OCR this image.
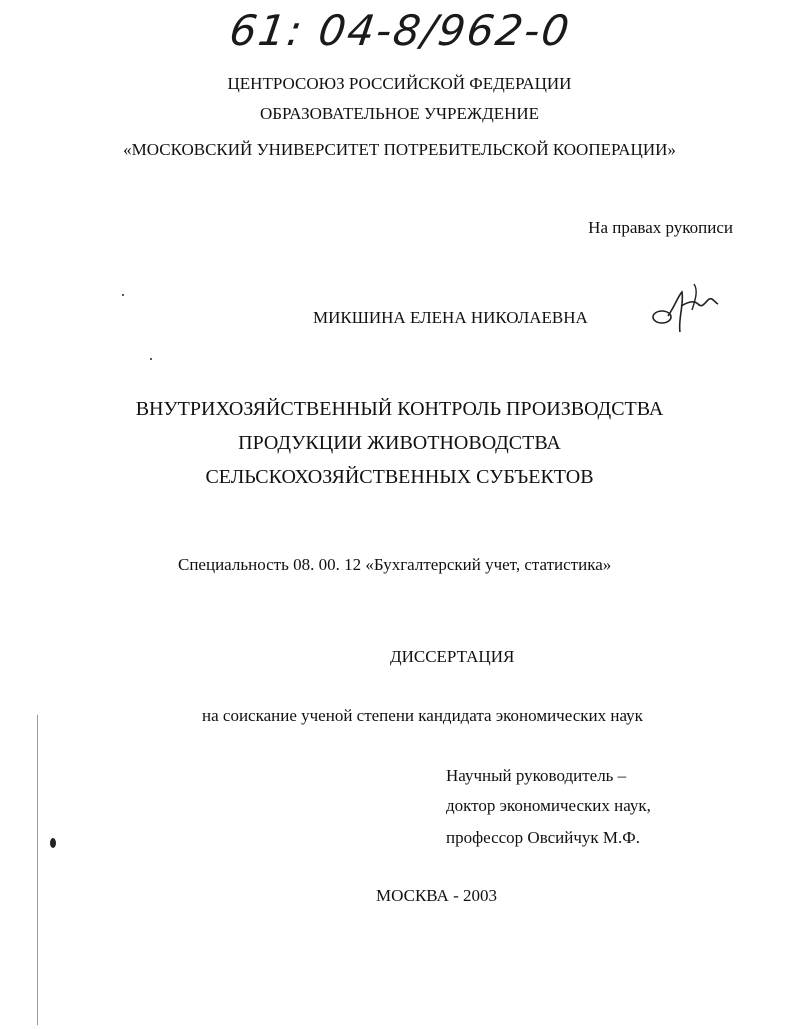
61: 04-8/962-0
ЦЕНТРОСОЮЗ РОССИЙСКОЙ ФЕДЕРАЦИИ
ОБРАЗОВАТЕЛЬНОЕ УЧРЕЖДЕНИЕ
«МОСКОВСКИЙ УНИВЕРСИТЕТ ПОТРЕБИТЕЛЬСКОЙ КООПЕРАЦИИ»
На правах рукописи
МИКШИНА ЕЛЕНА НИКОЛАЕВНА
ВНУТРИХОЗЯЙСТВЕННЫЙ КОНТРОЛЬ ПРОИЗВОДСТВА
ПРОДУКЦИИ ЖИВОТНОВОДСТВА
СЕЛЬСКОХОЗЯЙСТВЕННЫХ СУБЪЕКТОВ
Специальность 08. 00. 12 «Бухгалтерский учет, статистика»
ДИССЕРТАЦИЯ
на соискание ученой степени кандидата экономических наук
Научный руководитель –
доктор экономических наук,
профессор Овсийчук М.Ф.
МОСКВА - 2003
